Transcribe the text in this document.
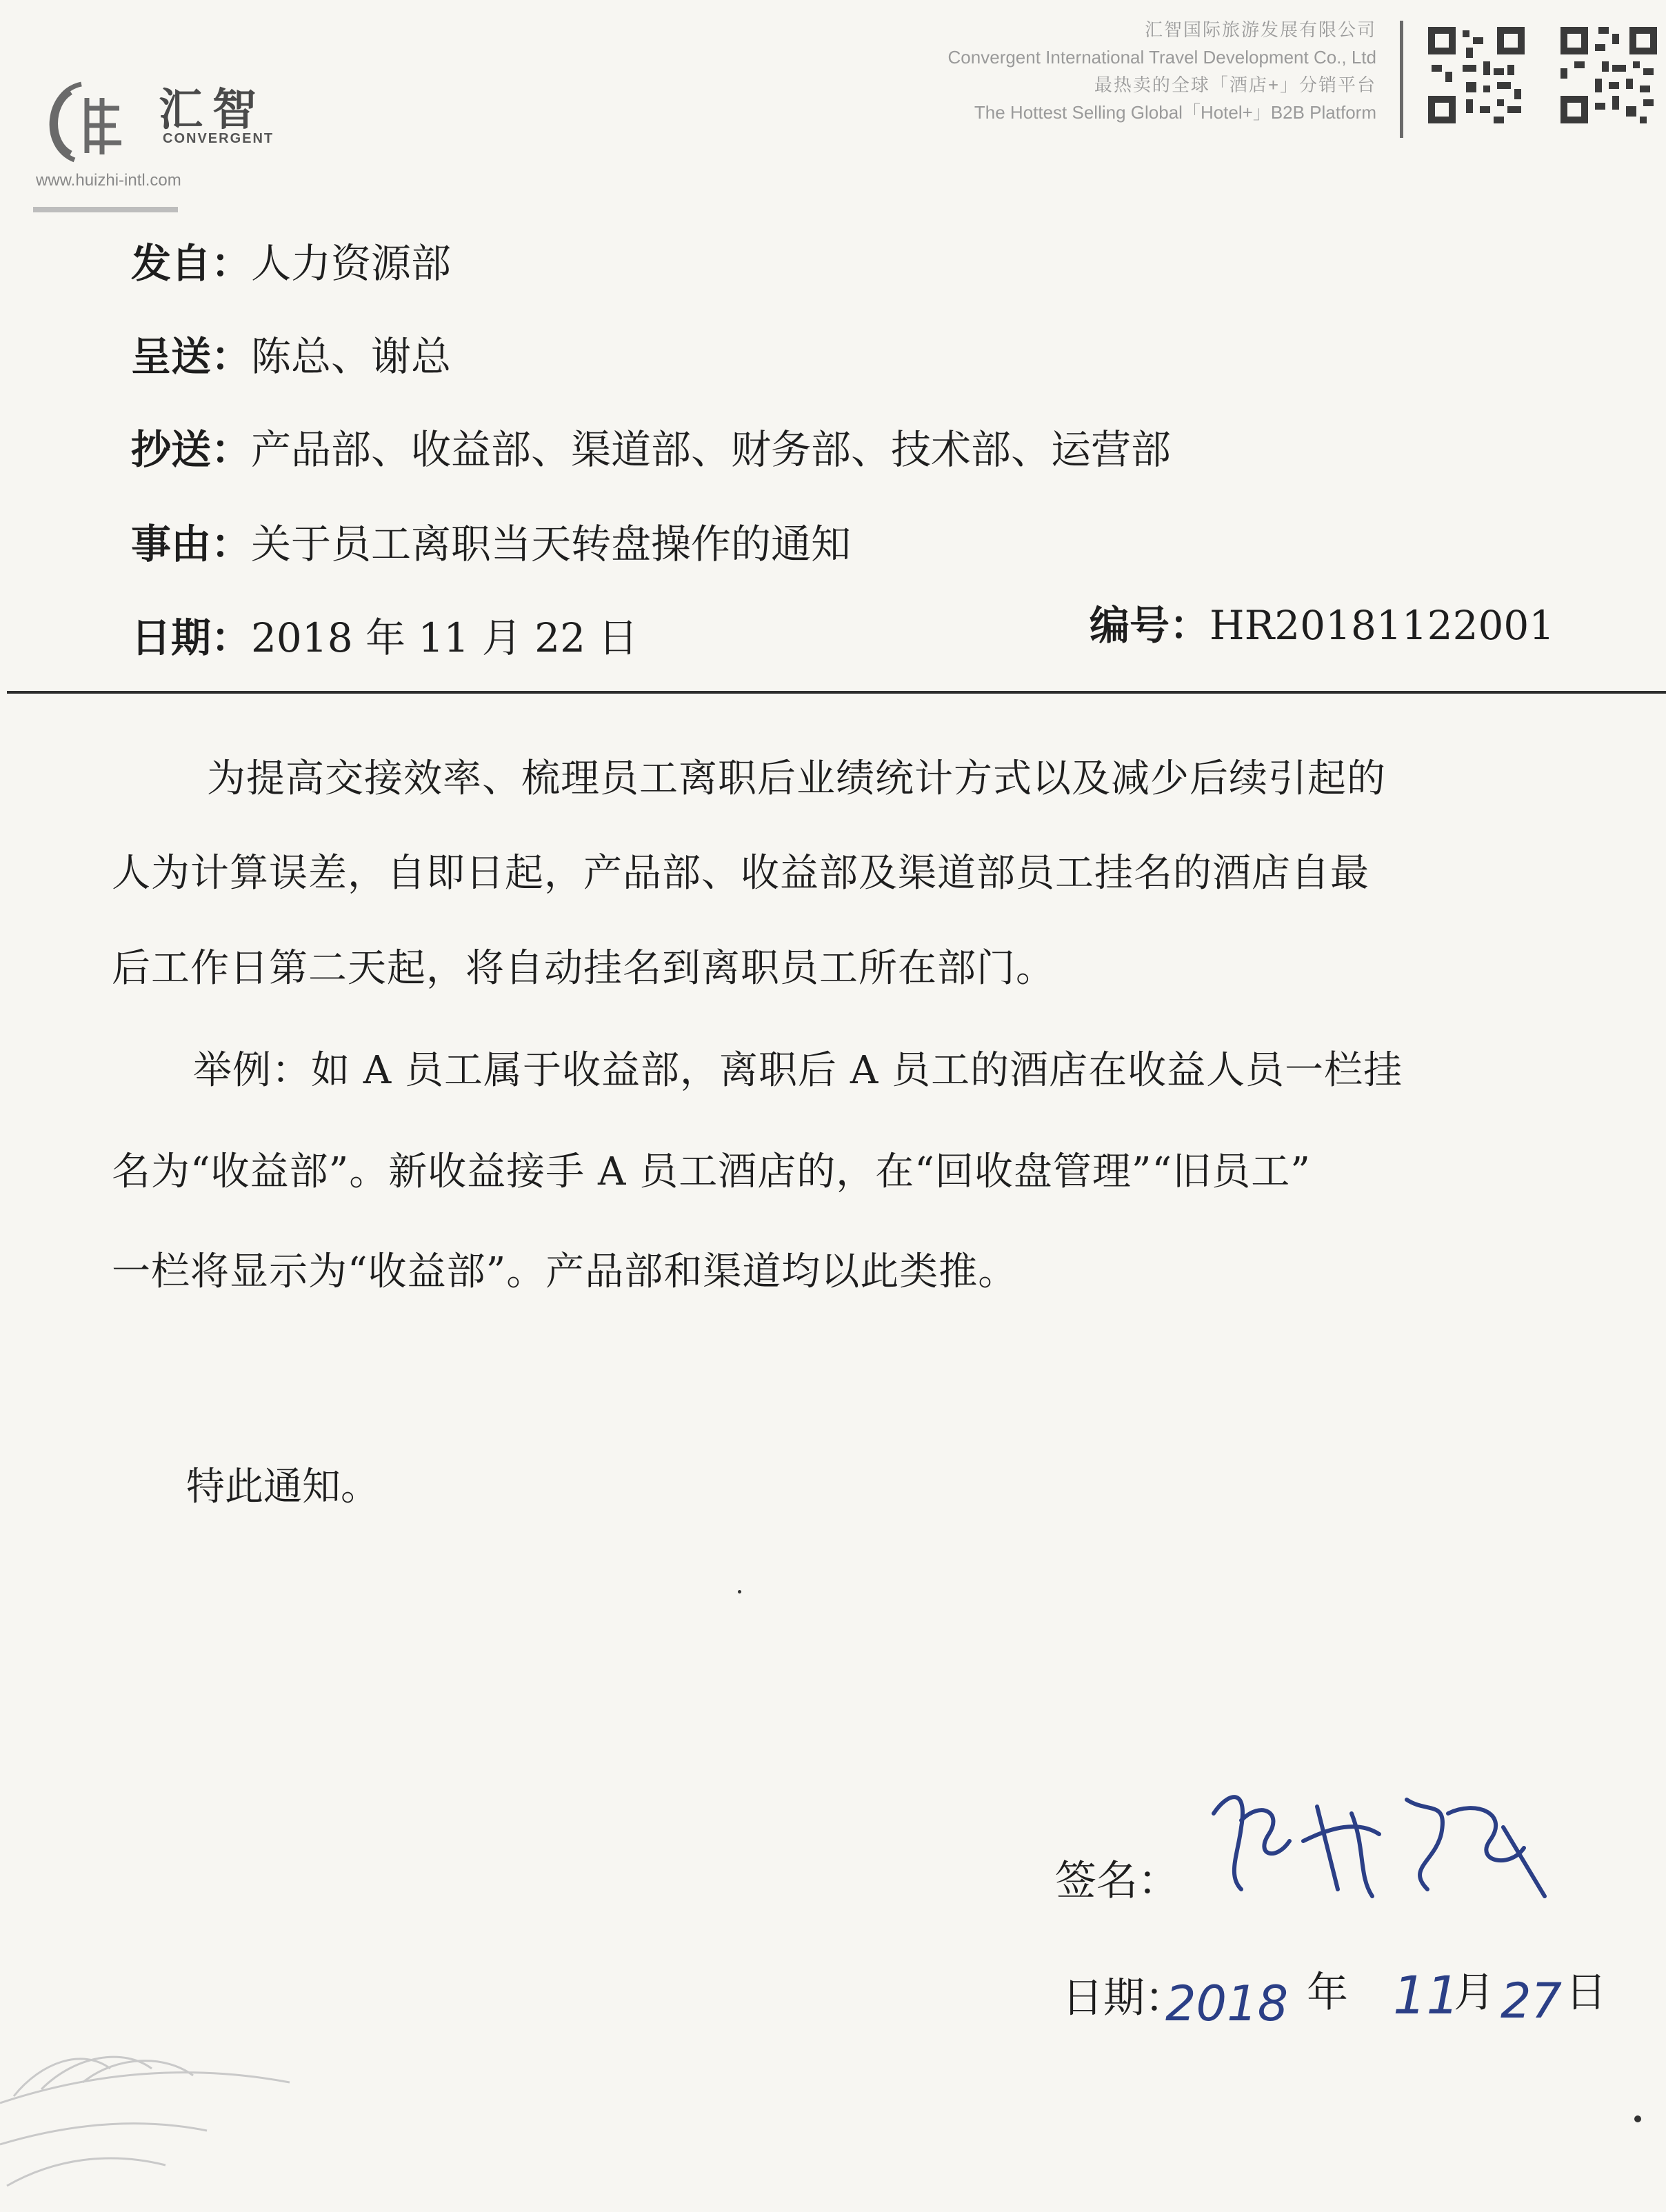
汇智
CONVERGENT
www.huizhi-intl.com
汇智国际旅游发展有限公司
Convergent International Travel Development Co., Ltd
最热卖的全球「酒店+」分销平台
The Hottest Selling Global「Hotel+」B2B Platform
发自：人力资源部
呈送：陈总、谢总
抄送：产品部、收益部、渠道部、财务部、技术部、运营部
事由：关于员工离职当天转盘操作的通知
日期：2018 年 11 月 22 日	编号：HR20181122001
为提高交接效率、梳理员工离职后业绩统计方式以及减少后续引起的
人为计算误差，自即日起，产品部、收益部及渠道部员工挂名的酒店自最
后工作日第二天起，将自动挂名到离职员工所在部门。
举例：如 A 员工属于收益部，离职后 A 员工的酒店在收益人员一栏挂
名为“收益部”。新收益接手 A 员工酒店的，在“回收盘管理”“旧员工”
一栏将显示为“收益部”。产品部和渠道均以此类推。
特此通知。
签名：
日期：
2018 年 11
月 27 日
